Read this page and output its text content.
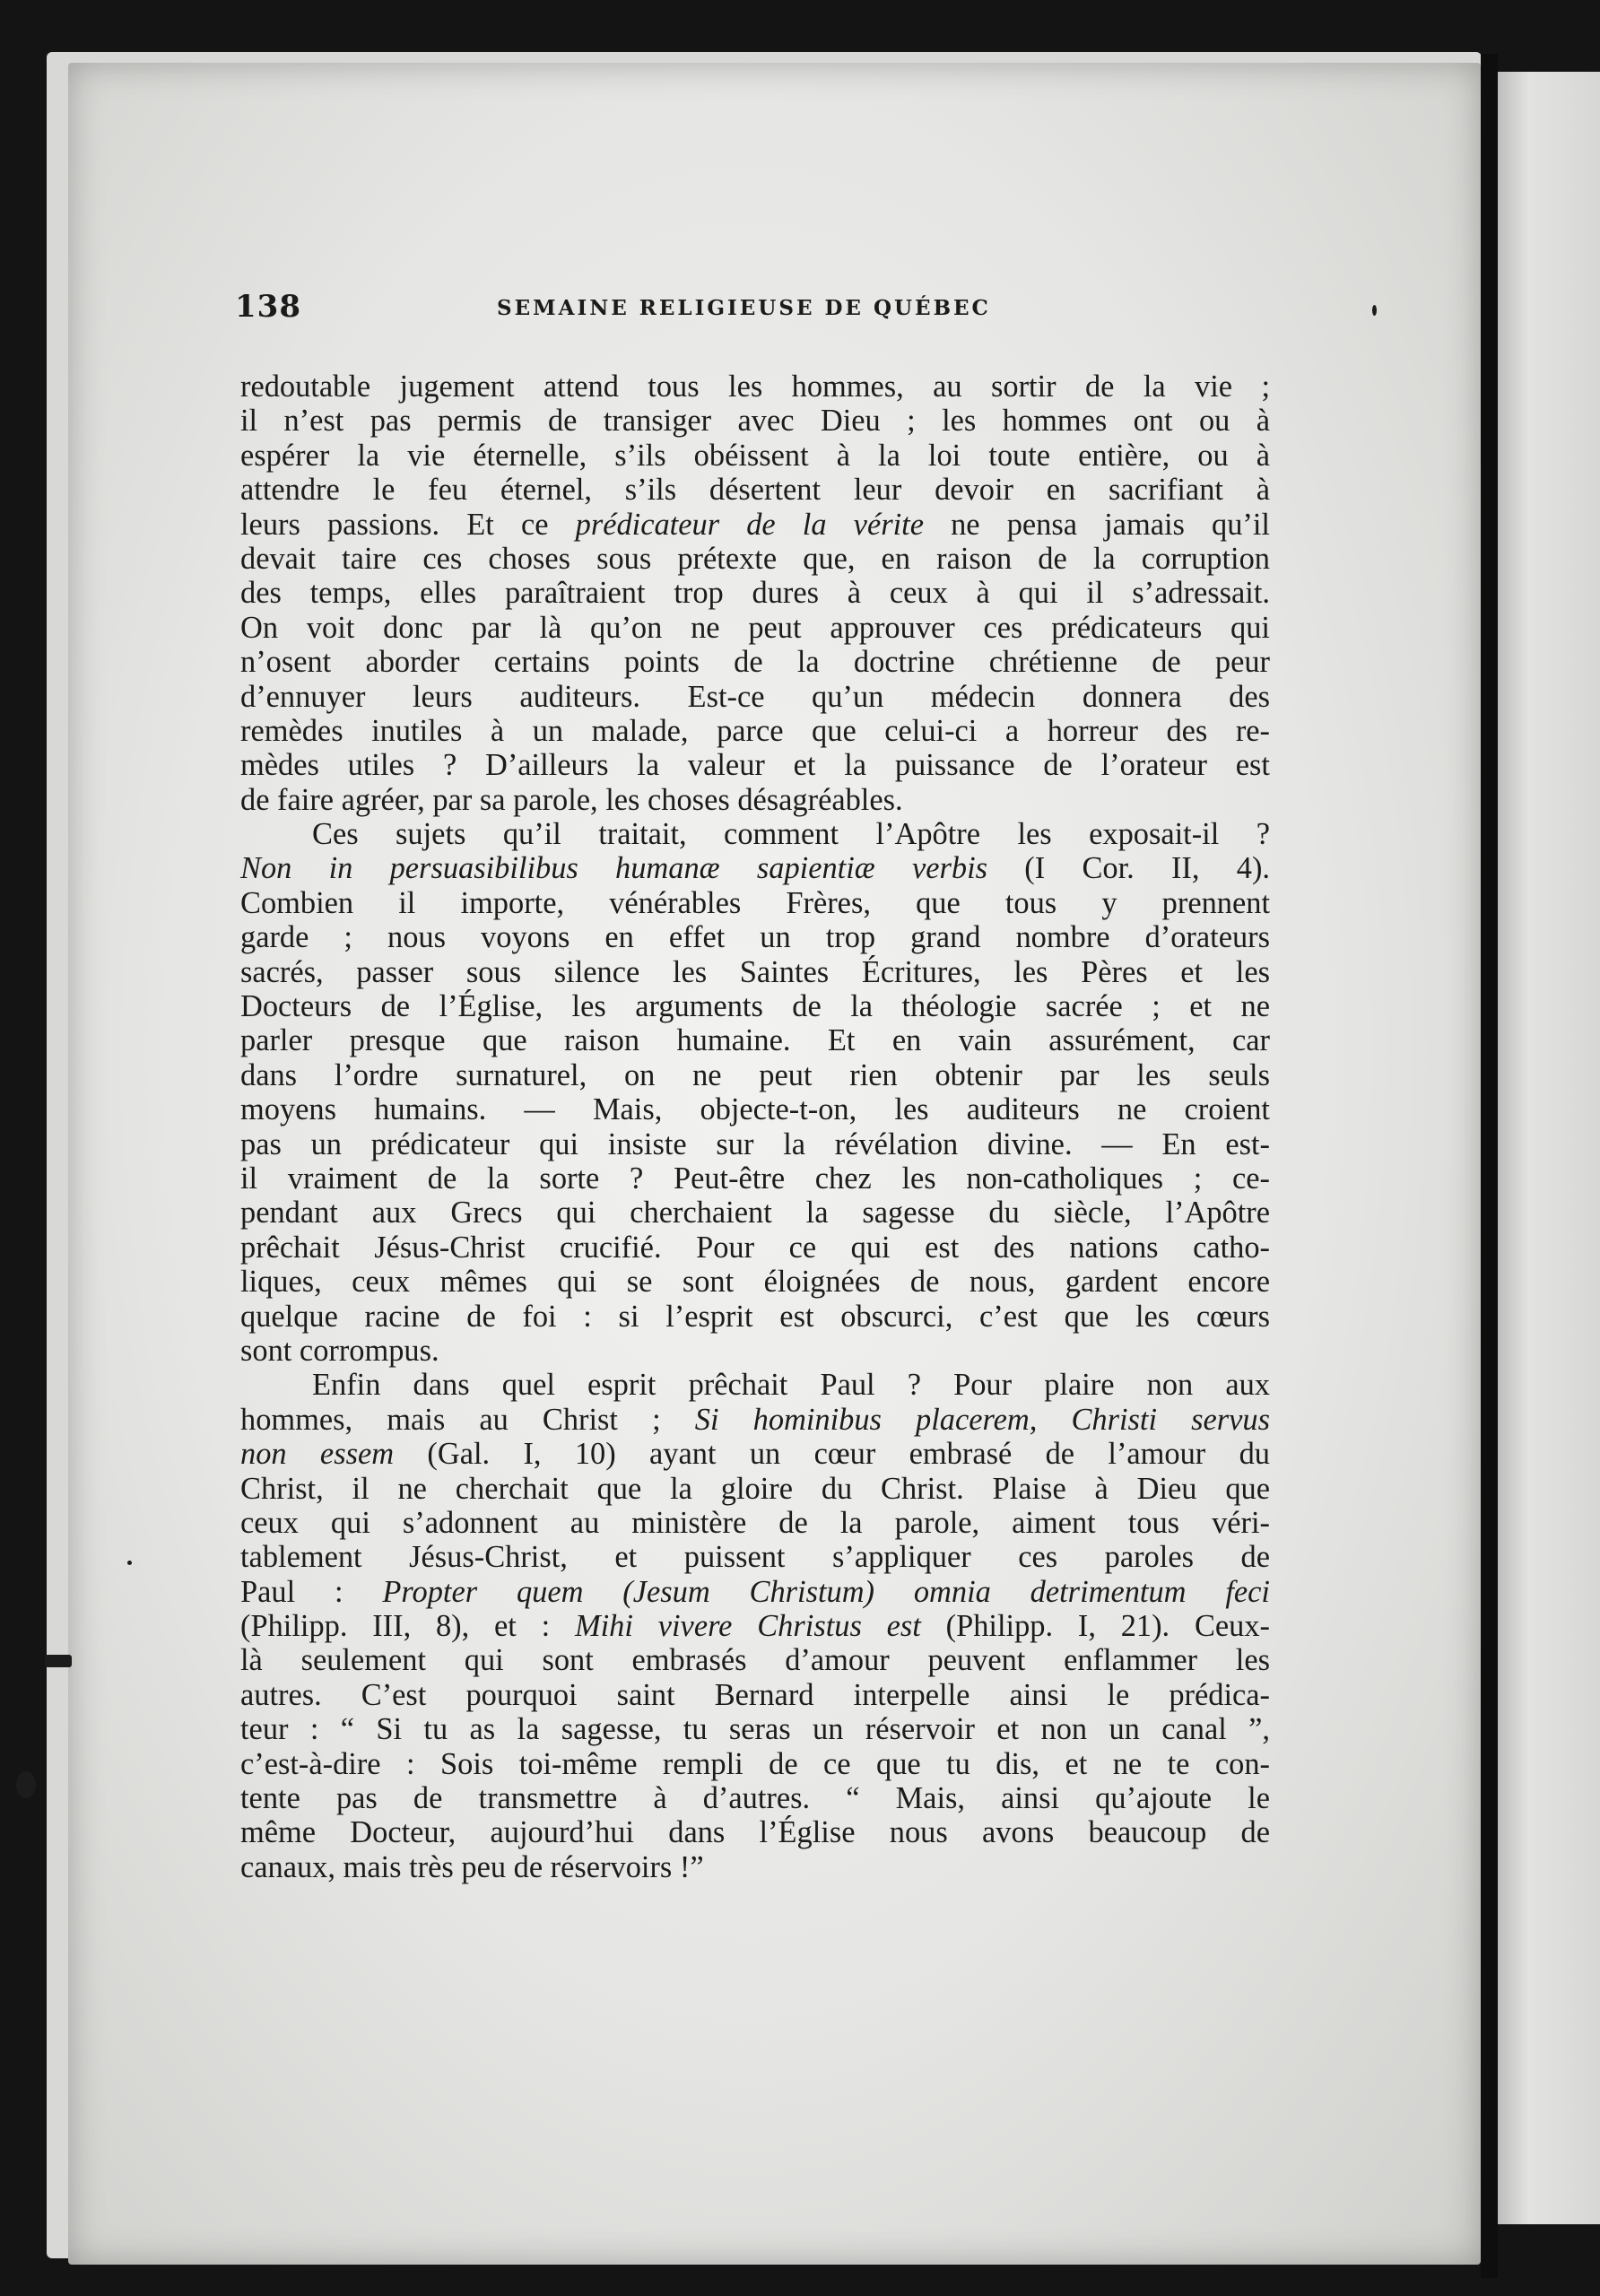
138	SEMAINE RELIGIEUSE DE QUÉBEC
redoutable jugement attend tous les hommes, au sortir de la vie ;
il n’est pas permis de transiger avec Dieu ; les hommes ont ou à
espérer la vie éternelle, s’ils obéissent à la loi toute entière, ou à
attendre le feu éternel, s’ils désertent leur devoir en sacrifiant à
leurs passions. Et ce prédicateur de la vérite ne pensa jamais qu’il
devait taire ces choses sous prétexte que, en raison de la corruption
des temps, elles paraîtraient trop dures à ceux à qui il s’adressait.
On voit donc par là qu’on ne peut approuver ces prédicateurs qui
n’osent aborder certains points de la doctrine chrétienne de peur
d’ennuyer leurs auditeurs. Est-ce qu’un médecin donnera des
remèdes inutiles à un malade, parce que celui-ci a horreur des re-
mèdes utiles ? D’ailleurs la valeur et la puissance de l’orateur est
de faire agréer, par sa parole, les choses désagréables.
Ces sujets qu’il traitait, comment l’Apôtre les exposait-il ?
Non in persuasibilibus humanæ sapientiæ verbis (I Cor. II, 4).
Combien il importe, vénérables Frères, que tous y prennent
garde ; nous voyons en effet un trop grand nombre d’orateurs
sacrés, passer sous silence les Saintes Écritures, les Pères et les
Docteurs de l’Église, les arguments de la théologie sacrée ; et ne
parler presque que raison humaine. Et en vain assurément, car
dans l’ordre surnaturel, on ne peut rien obtenir par les seuls
moyens humains. — Mais, objecte-t-on, les auditeurs ne croient
pas un prédicateur qui insiste sur la révélation divine. — En est-
il vraiment de la sorte ? Peut-être chez les non-catholiques ; ce-
pendant aux Grecs qui cherchaient la sagesse du siècle, l’Apôtre
prêchait Jésus-Christ crucifié. Pour ce qui est des nations catho-
liques, ceux mêmes qui se sont éloignées de nous, gardent encore
quelque racine de foi : si l’esprit est obscurci, c’est que les cœurs
sont corrompus.
Enfin dans quel esprit prêchait Paul ? Pour plaire non aux
hommes, mais au Christ ; Si hominibus placerem, Christi servus
non essem (Gal. I, 10) ayant un cœur embrasé de l’amour du
Christ, il ne cherchait que la gloire du Christ. Plaise à Dieu que
ceux qui s’adonnent au ministère de la parole, aiment tous véri-
tablement Jésus-Christ, et puissent s’appliquer ces paroles de
Paul : Propter quem (Jesum Christum) omnia detrimentum feci
(Philipp. III, 8), et : Mihi vivere Christus est (Philipp. I, 21). Ceux-
là seulement qui sont embrasés d’amour peuvent enflammer les
autres. C’est pourquoi saint Bernard interpelle ainsi le prédica-
teur : “ Si tu as la sagesse, tu seras un réservoir et non un canal ”,
c’est-à-dire : Sois toi-même rempli de ce que tu dis, et ne te con-
tente pas de transmettre à d’autres. “ Mais, ainsi qu’ajoute le
même Docteur, aujourd’hui dans l’Église nous avons beaucoup de
canaux, mais très peu de réservoirs !”
